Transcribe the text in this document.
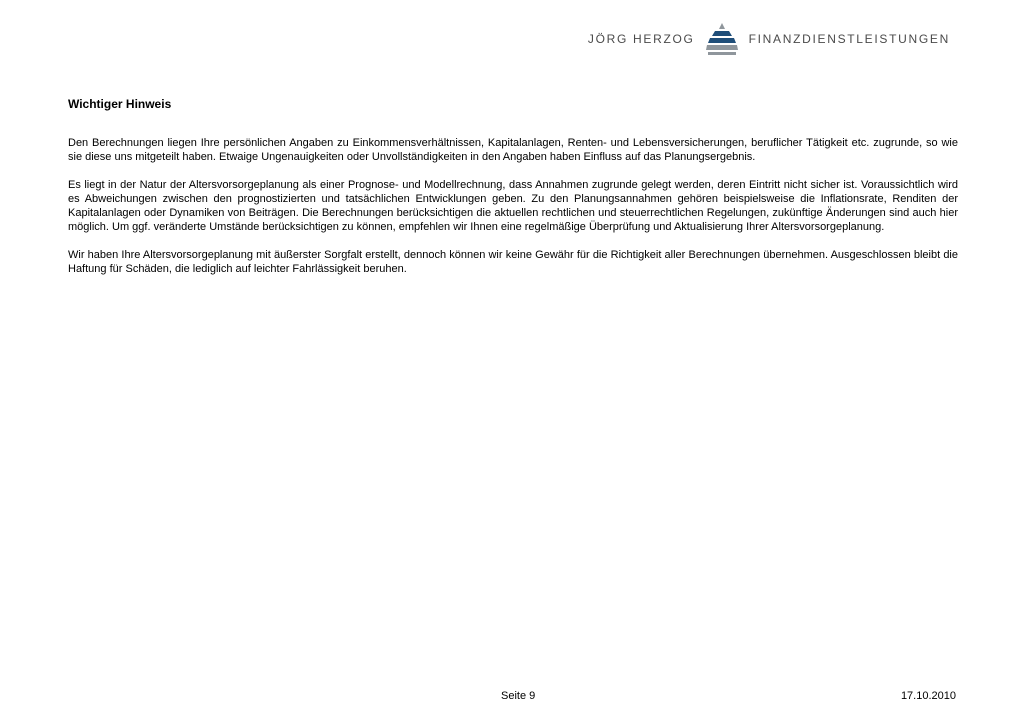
JÖRG HERZOG	FINANZDIENSTLEISTUNGEN
Wichtiger Hinweis

Den Berechnungen liegen Ihre persönlichen Angaben zu Einkommensverhältnissen, Kapitalanlagen, Renten- und Lebensversicherungen, beruflicher Tätigkeit etc. zugrunde, so wie sie diese uns mitgeteilt haben. Etwaige Ungenauigkeiten oder Unvollständigkeiten in den Angaben haben Einfluss auf das Planungsergebnis.

Es liegt in der Natur der Altersvorsorgeplanung als einer Prognose- und Modellrechnung, dass Annahmen zugrunde gelegt werden, deren Eintritt nicht sicher ist. Voraussichtlich wird es Abweichungen zwischen den prognostizierten und tatsächlichen Entwicklungen geben. Zu den Planungsannahmen gehören beispielsweise die Inflationsrate, Renditen der Kapitalanlagen oder Dynamiken von Beiträgen. Die Berechnungen berücksichtigen die aktuellen rechtlichen und steuerrechtlichen Regelungen, zukünftige Änderungen sind auch hier möglich. Um ggf. veränderte Umstände berücksichtigen zu können, empfehlen wir Ihnen eine regelmäßige Überprüfung und Aktualisierung Ihrer Altersvorsorgeplanung.

Wir haben Ihre Altersvorsorgeplanung mit äußerster Sorgfalt erstellt, dennoch können wir keine Gewähr für die Richtigkeit aller Berechnungen übernehmen. Ausgeschlossen bleibt die Haftung für Schäden, die lediglich auf leichter Fahrlässigkeit beruhen.

Seite 9	17.10.2010
